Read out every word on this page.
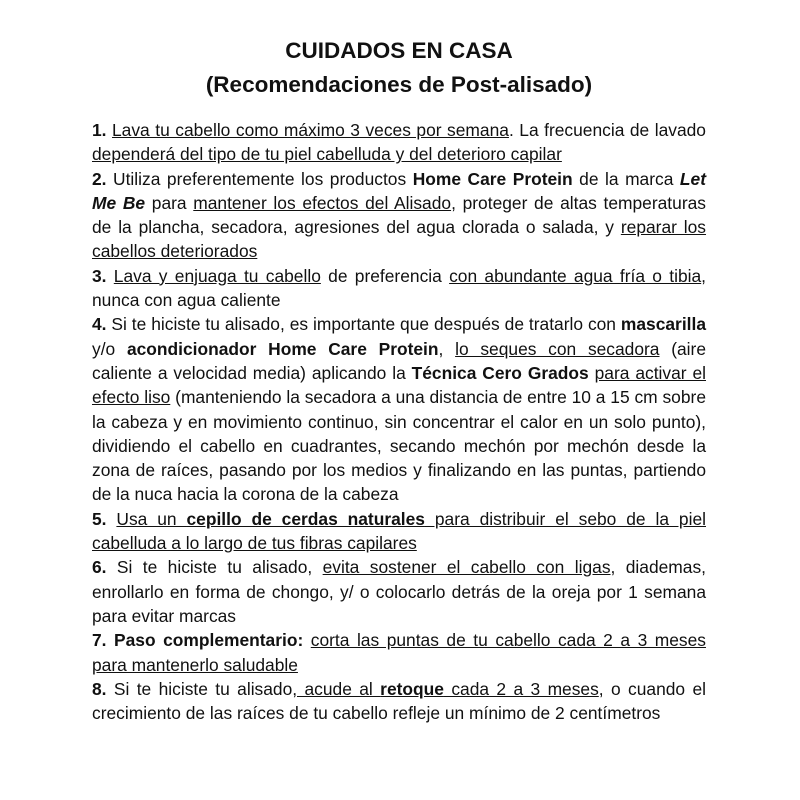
CUIDADOS EN CASA
(Recomendaciones de Post-alisado)

1. Lava tu cabello como máximo 3 veces por semana. La frecuencia de lavado dependerá del tipo de tu piel cabelluda y del deterioro capilar

2. Utiliza preferentemente los productos Home Care Protein de la marca Let Me Be para mantener los efectos del Alisado, proteger de altas temperaturas de la plancha, secadora, agresiones del agua clorada o salada, y reparar los cabellos deteriorados

3. Lava y enjuaga tu cabello de preferencia con abundante agua fría o tibia, nunca con agua caliente

4. Si te hiciste tu alisado, es importante que después de tratarlo con mascarilla y/o acondicionador Home Care Protein, lo seques con secadora (aire caliente a velocidad media) aplicando la Técnica Cero Grados para activar el efecto liso (manteniendo la secadora a una distancia de entre 10 a 15 cm sobre la cabeza y en movimiento continuo, sin concentrar el calor en un solo punto), dividiendo el cabello en cuadrantes, secando mechón por mechón desde la zona de raíces, pasando por los medios y finalizando en las puntas, partiendo de la nuca hacia la corona de la cabeza

5. Usa un cepillo de cerdas naturales para distribuir el sebo de la piel cabelluda a lo largo de tus fibras capilares

6. Si te hiciste tu alisado, evita sostener el cabello con ligas, diademas, enrollarlo en forma de chongo, y/ o colocarlo detrás de la oreja por 1 semana para evitar marcas

7. Paso complementario: corta las puntas de tu cabello cada 2 a 3 meses para mantenerlo saludable

8. Si te hiciste tu alisado, acude al retoque cada 2 a 3 meses, o cuando el crecimiento de las raíces de tu cabello refleje un mínimo de 2 centímetros
